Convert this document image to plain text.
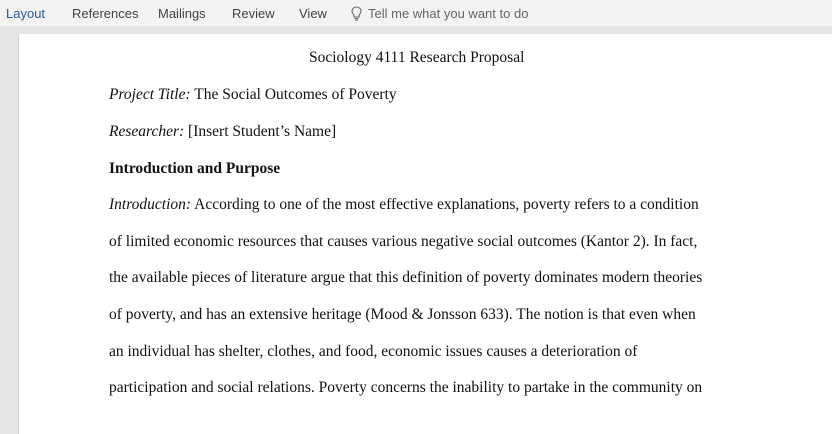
Layout References Mailings Review View	Tell me what you want to do
Sociology 4111 Research Proposal
Project Title: The Social Outcomes of Poverty
Researcher: [Insert Student’s Name]
Introduction and Purpose
Introduction: According to one of the most effective explanations, poverty refers to a condition
of limited economic resources that causes various negative social outcomes (Kantor 2). In fact,
the available pieces of literature argue that this definition of poverty dominates modern theories
of poverty, and has an extensive heritage (Mood & Jonsson 633). The notion is that even when
an individual has shelter, clothes, and food, economic issues causes a deterioration of
participation and social relations. Poverty concerns the inability to partake in the community on
